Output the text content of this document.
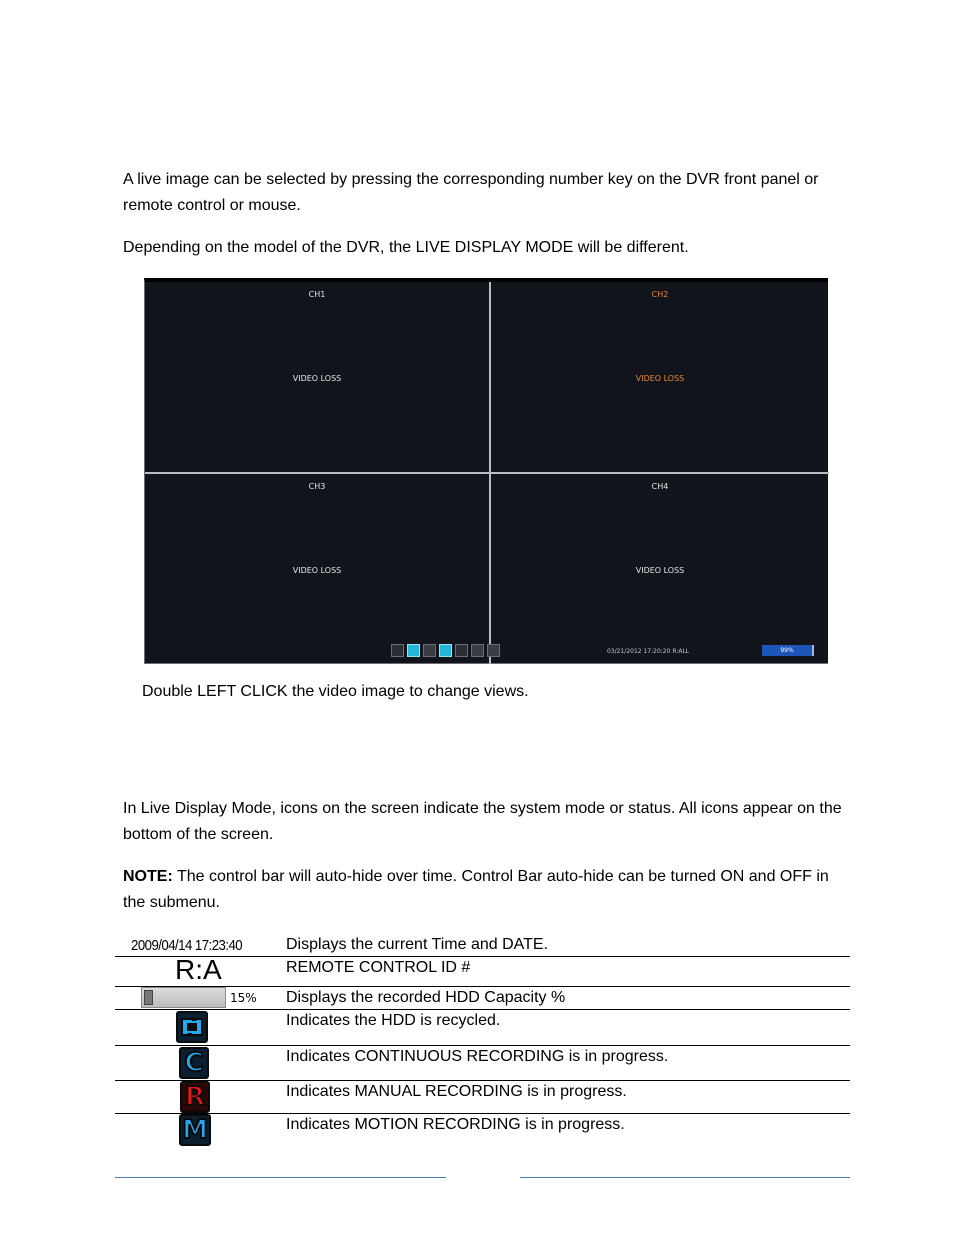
A live image can be selected by pressing the corresponding number key on the DVR front panel or remote control or mouse.

Depending on the model of the DVR, the LIVE DISPLAY MODE will be different.

CH1
VIDEO LOSS
CH2
VIDEO LOSS
CH3
VIDEO LOSS
CH4
VIDEO LOSS
03/21/2012 17:20:20 R:ALL	99%

Double LEFT CLICK the video image to change views.

In Live Display Mode, icons on the screen indicate the system mode or status. All icons appear on the bottom of the screen.

NOTE: The control bar will auto-hide over time. Control Bar auto-hide can be turned ON and OFF in the submenu.

2009/04/14 17:23:40	Displays the current Time and DATE.
R:A	REMOTE CONTROL ID #
15% Displays the recorded HDD Capacity %
Indicates the HDD is recycled.
C	Indicates CONTINUOUS RECORDING is in progress.
R	Indicates MANUAL RECORDING is in progress.
M	Indicates MOTION RECORDING is in progress.
